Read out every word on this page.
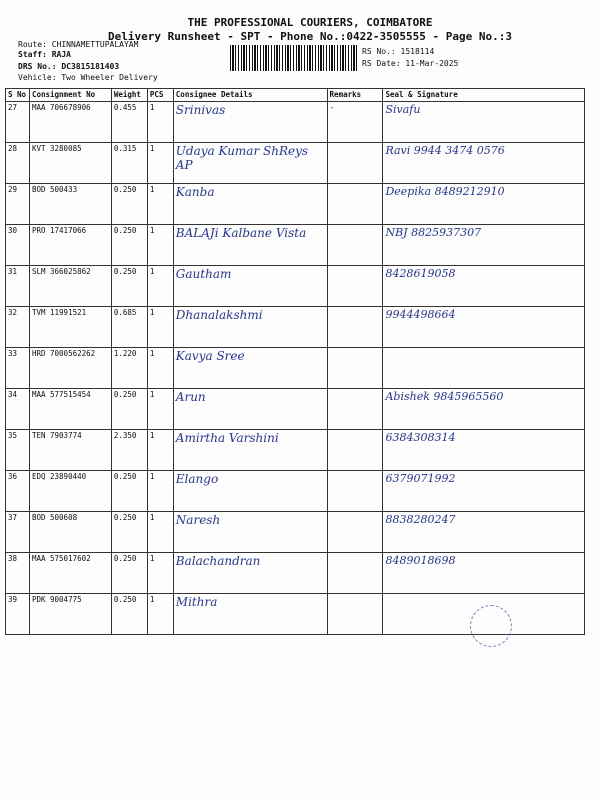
THE PROFESSIONAL COURIERS, COIMBATORE
Delivery Runsheet - SPT - Phone No.:0422-3505555 - Page No.:3
Route: CHINNAMETTUPALAYAM
Staff: RAJA
DRS No.: DC3815181403
Vehicle: Two Wheeler Delivery
RS No.: 1518114
RS Date: 11-Mar-2025
S No	Consignment No	Weight	PCS	Consignee Details	Remarks	Seal & Signature
27	MAA 706678906	0.455	1	Srinivas	-	Sivafu

28	KVT 3280085	0.315	1	Udaya Kumar ShReys AP		Ravi 9944 3474 0576

29	BOD 500433	0.250	1	Kanba		Deepika 8489212910

30	PRO 17417066	0.250	1	BALAJi Kalbane Vista		NBJ 8825937307

31	SLM 366025862	0.250	1	Gautham		8428619058

32	TVM 11991521	0.685	1	Dhanalakshmi		9944498664

33	HRD 7000562262	1.220	1	Kavya Sree		

34	MAA 577515454	0.250	1	Arun		Abishek 9845965560

35	TEN 7903774	2.350	1	Amirtha Varshini		6384308314

36	EDQ 23890440	0.250	1	Elango		6379071992

37	BOD 500608	0.250	1	Naresh		8838280247

38	MAA 575017602	0.250	1	Balachandran		8489018698

39	PDK 9004775	0.250	1	Mithra		
